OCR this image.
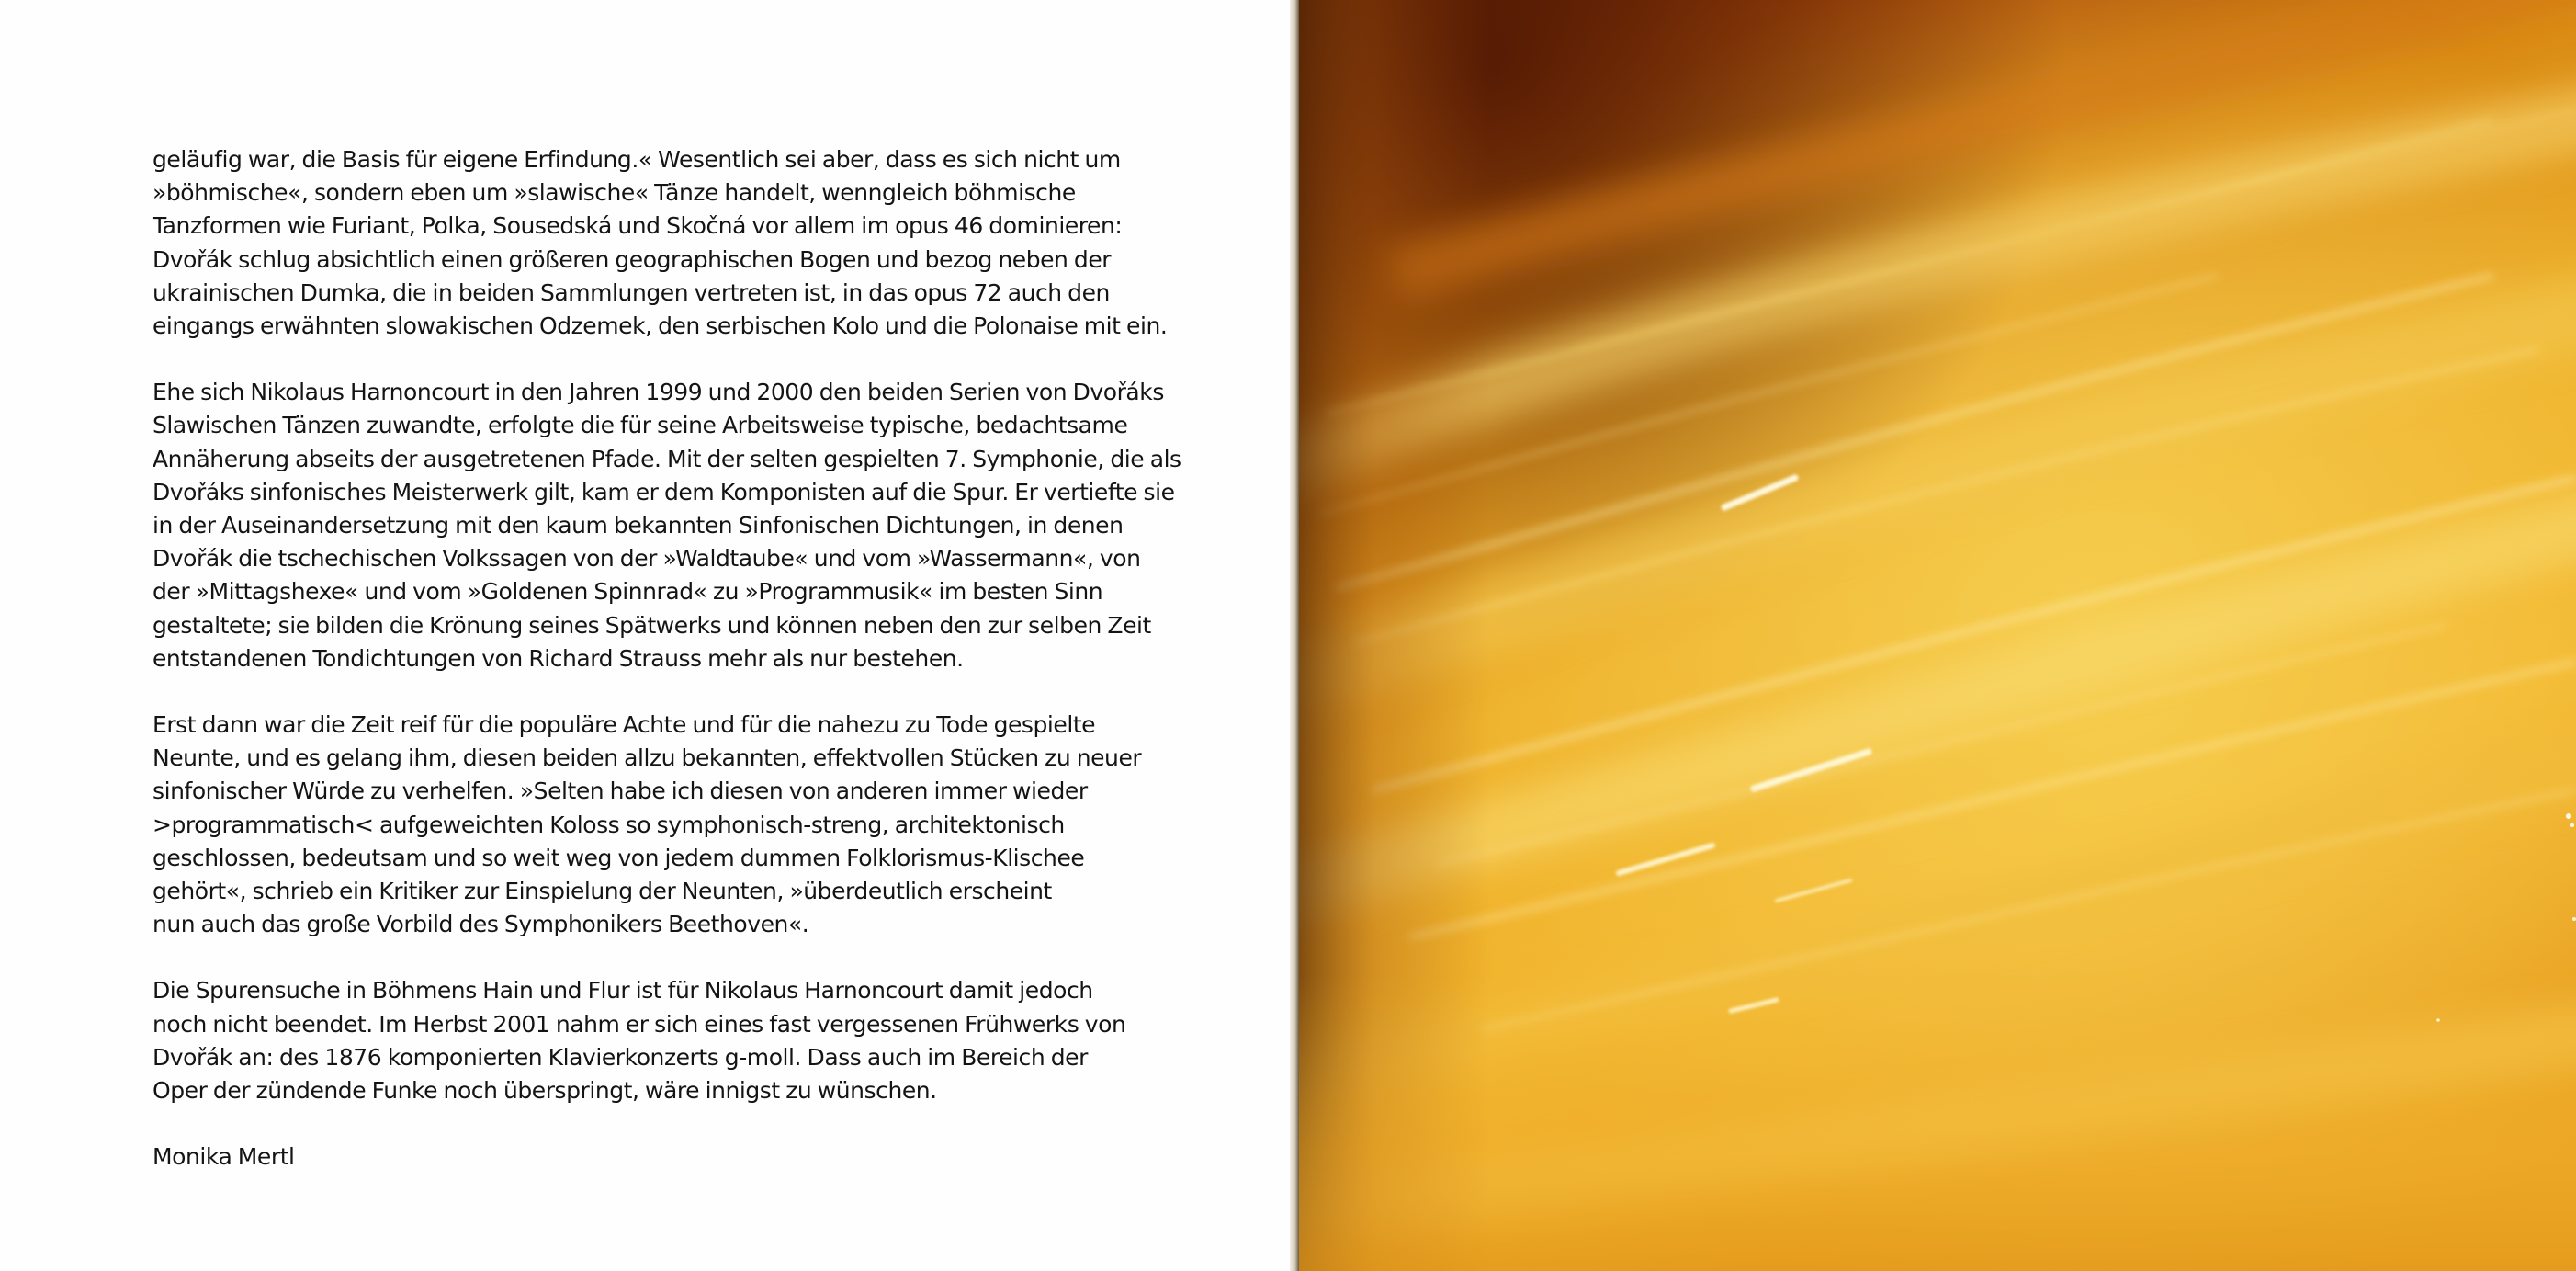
geläufig war, die Basis für eigene Erfindung.« Wesentlich sei aber, dass es sich nicht um
»böhmische«, sondern eben um »slawische« Tänze handelt, wenngleich böhmische
Tanzformen wie Furiant, Polka, Sousedská und Skočná vor allem im opus 46 dominieren:
Dvořák schlug absichtlich einen größeren geographischen Bogen und bezog neben der
ukrainischen Dumka, die in beiden Sammlungen vertreten ist, in das opus 72 auch den
eingangs erwähnten slowakischen Odzemek, den serbischen Kolo und die Polonaise mit ein.

Ehe sich Nikolaus Harnoncourt in den Jahren 1999 und 2000 den beiden Serien von Dvořáks
Slawischen Tänzen zuwandte, erfolgte die für seine Arbeitsweise typische, bedachtsame
Annäherung abseits der ausgetretenen Pfade. Mit der selten gespielten 7. Symphonie, die als
Dvořáks sinfonisches Meisterwerk gilt, kam er dem Komponisten auf die Spur. Er vertiefte sie
in der Auseinandersetzung mit den kaum bekannten Sinfonischen Dichtungen, in denen
Dvořák die tschechischen Volkssagen von der »Waldtaube« und vom »Wassermann«, von
der »Mittagshexe« und vom »Goldenen Spinnrad« zu »Programmusik« im besten Sinn
gestaltete; sie bilden die Krönung seines Spätwerks und können neben den zur selben Zeit
entstandenen Tondichtungen von Richard Strauss mehr als nur bestehen.

Erst dann war die Zeit reif für die populäre Achte und für die nahezu zu Tode gespielte
Neunte, und es gelang ihm, diesen beiden allzu bekannten, effektvollen Stücken zu neuer
sinfonischer Würde zu verhelfen. »Selten habe ich diesen von anderen immer wieder
>programmatisch< aufgeweichten Koloss so symphonisch-streng, architektonisch
geschlossen, bedeutsam und so weit weg von jedem dummen Folklorismus-Klischee
gehört«, schrieb ein Kritiker zur Einspielung der Neunten, »überdeutlich erscheint
nun auch das große Vorbild des Symphonikers Beethoven«.

Die Spurensuche in Böhmens Hain und Flur ist für Nikolaus Harnoncourt damit jedoch
noch nicht beendet. Im Herbst 2001 nahm er sich eines fast vergessenen Frühwerks von
Dvořák an: des 1876 komponierten Klavierkonzerts g-moll. Dass auch im Bereich der
Oper der zündende Funke noch überspringt, wäre innigst zu wünschen.

Monika Mertl
